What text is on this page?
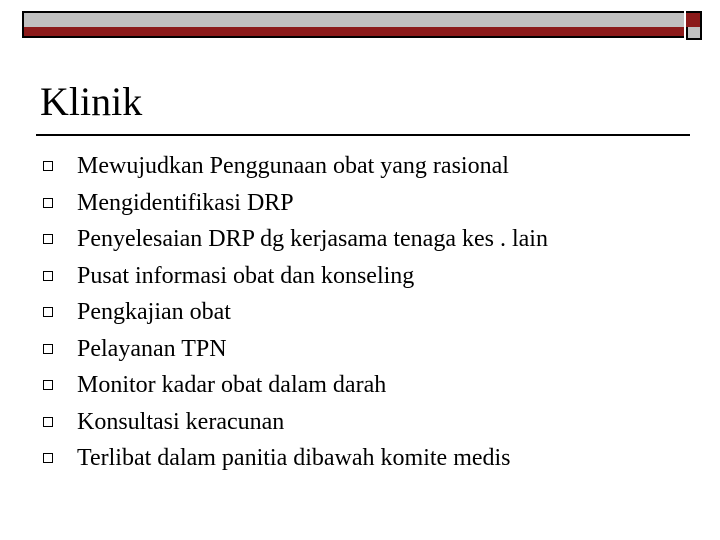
Klinik
Mewujudkan Penggunaan obat yang rasional
Mengidentifikasi DRP
Penyelesaian DRP dg kerjasama tenaga kes . lain
Pusat informasi obat dan konseling
Pengkajian obat
Pelayanan TPN
Monitor kadar obat dalam darah
Konsultasi keracunan
Terlibat dalam panitia dibawah komite medis
